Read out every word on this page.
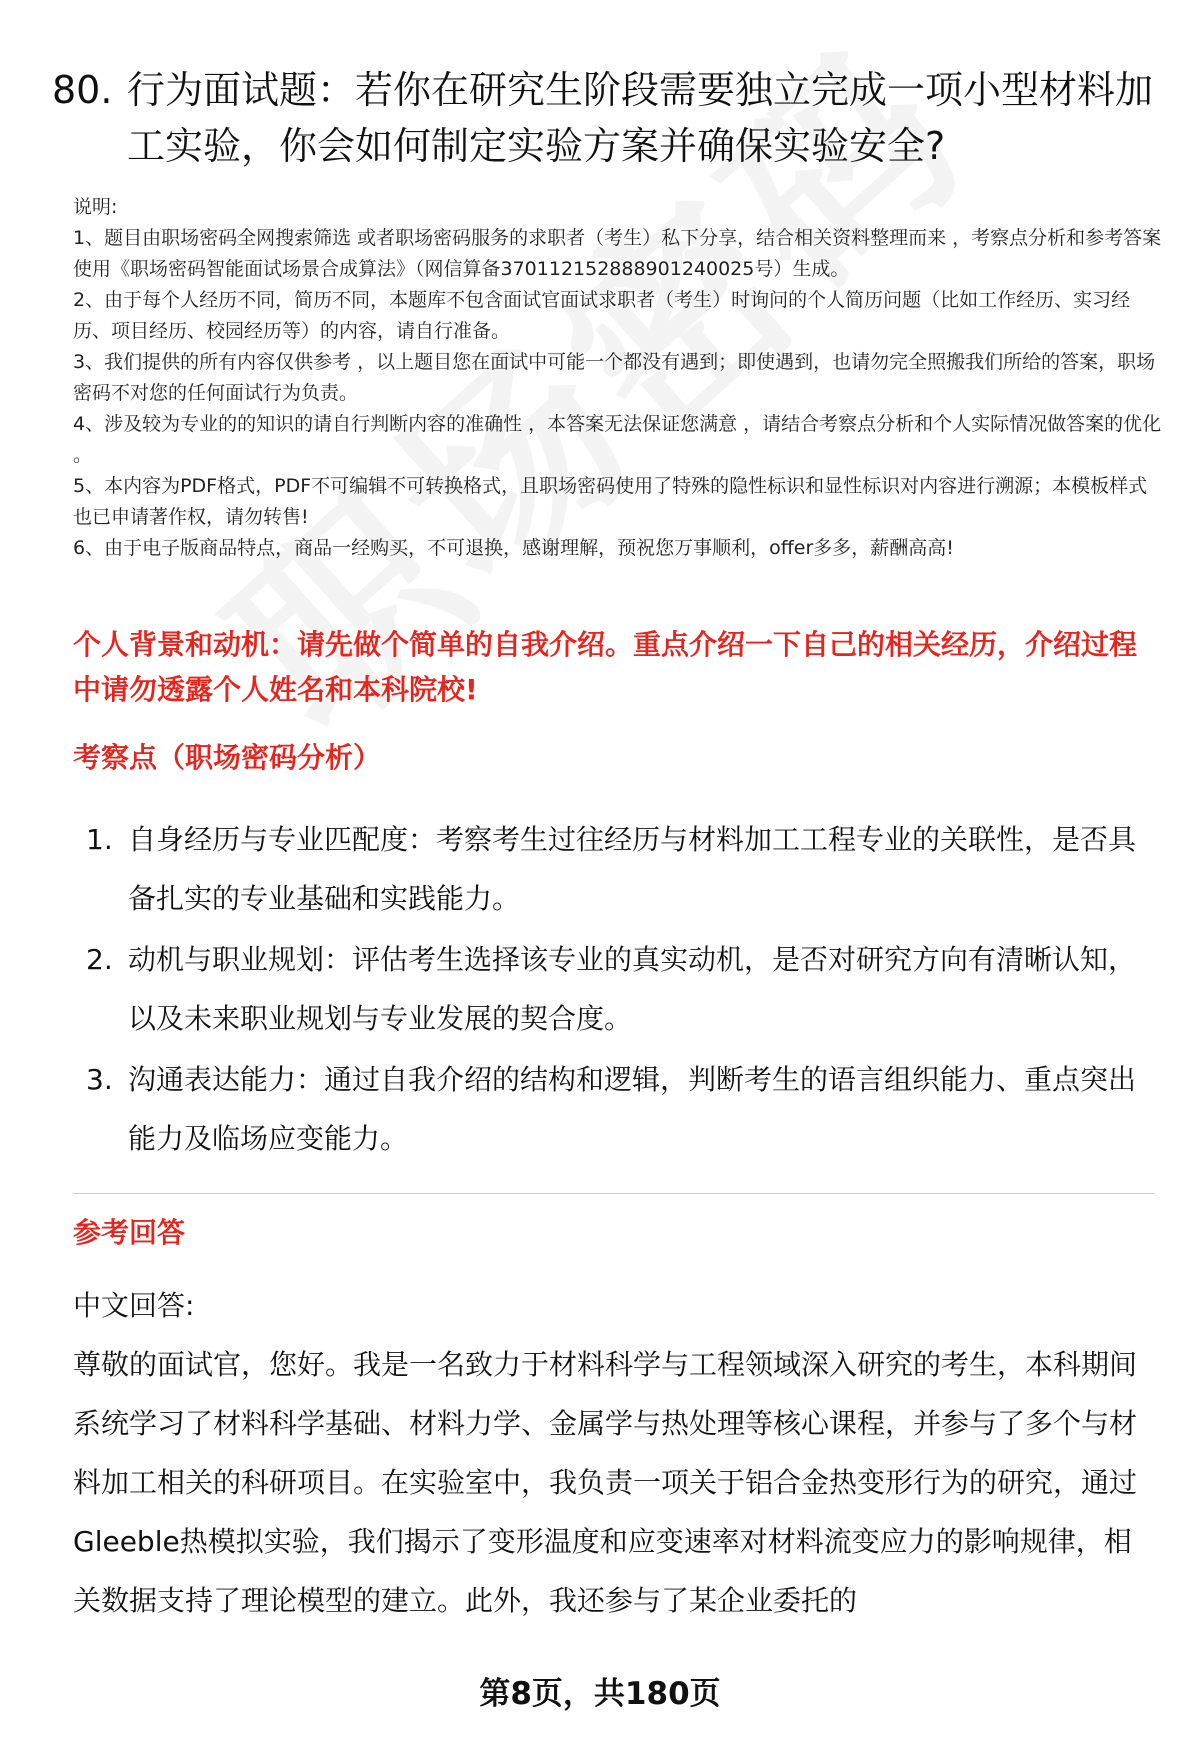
80. 行为面试题：若你在研究生阶段需要独立完成一项小型材料加工实验，你会如何制定实验方案并确保实验安全?

说明:

1、题目由职场密码全网搜索筛选 或者职场密码服务的求职者（考生）私下分享，结合相关资料整理而来 ，考察点分析和参考答案使用《职场密码智能面试场景合成算法》（网信算备370112152888901240025号）生成。

2、由于每个人经历不同，简历不同，本题库不包含面试官面试求职者（考生）时询问的个人简历问题（比如工作经历、实习经历、项目经历、校园经历等）的内容，请自行准备。

3、我们提供的所有内容仅供参考 ，以上题目您在面试中可能一个都没有遇到；即使遇到，也请勿完全照搬我们所给的答案，职场密码不对您的任何面试行为负责。

4、涉及较为专业的的知识的请自行判断内容的准确性 ，本答案无法保证您满意 ，请结合考察点分析和个人实际情况做答案的优化 。

5、本内容为PDF格式，PDF不可编辑不可转换格式，且职场密码使用了特殊的隐性标识和显性标识对内容进行溯源；本模板样式也已申请著作权，请勿转售!

6、由于电子版商品特点，商品一经购买，不可退换，感谢理解，预祝您万事顺利，offer多多，薪酬高高!

个人背景和动机：请先做个简单的自我介绍。重点介绍一下自己的相关经历，介绍过程中请勿透露个人姓名和本科院校!
考察点（职场密码分析）
1. 自身经历与专业匹配度：考察考生过往经历与材料加工工程专业的关联性，是否具备扎实的专业基础和实践能力。
2. 动机与职业规划：评估考生选择该专业的真实动机，是否对研究方向有清晰认知，以及未来职业规划与专业发展的契合度。
3. 沟通表达能力：通过自我介绍的结构和逻辑，判断考生的语言组织能力、重点突出能力及临场应变能力。
参考回答
中文回答:

尊敬的面试官，您好。我是一名致力于材料科学与工程领域深入研究的考生，本科期间系统学习了材料科学基础、材料力学、金属学与热处理等核心课程，并参与了多个与材料加工相关的科研项目。在实验室中，我负责一项关于铝合金热变形行为的研究，通过Gleeble热模拟实验，我们揭示了变形温度和应变速率对材料流变应力的影响规律，相关数据支持了理论模型的建立。此外，我还参与了某企业委托的

第8页，共180页
